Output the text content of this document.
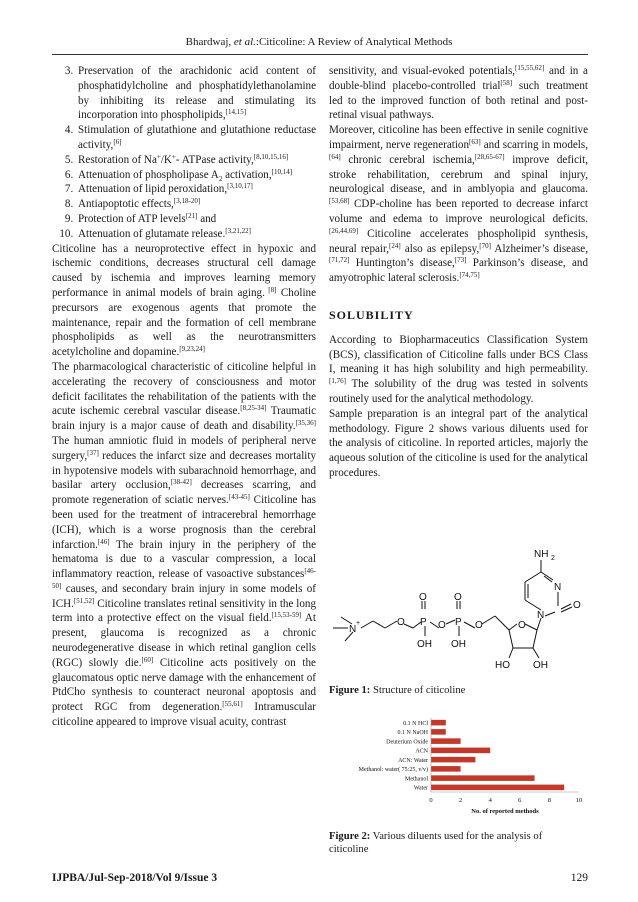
Bhardwaj, et al.:Citicoline: A Review of Analytical Methods
3. Preservation of the arachidonic acid content of phosphatidylcholine and phosphatidylethanolamine by inhibiting its release and stimulating its incorporation into phospholipids,[14,15]
4. Stimulation of glutathione and glutathione reductase activity,[6]
5. Restoration of Na+/K+- ATPase activity,[8,10,15,16]
6. Attenuation of phospholipase $A_2$ activation,[10,14]
7. Attenuation of lipid peroxidation,[3,10,17]
8. Antiapoptotic effects,[3,18-20]
9. Protection of ATP levels[21] and
10. Attenuation of glutamate release.[3,21,22]

Citicoline has a neuroprotective effect in hypoxic and ischemic conditions, decreases structural cell damage caused by ischemia and improves learning memory performance in animal models of brain aging. [8] Choline precursors are exogenous agents that promote the maintenance, repair and the formation of cell membrane phospholipids as well as the neurotransmitters acetylcholine and dopamine.[9,23,24]

The pharmacological characteristic of citicoline helpful in accelerating the recovery of consciousness and motor deficit facilitates the rehabilitation of the patients with the acute ischemic cerebral vascular disease.[8,25-34] Traumatic brain injury is a major cause of death and disability.[35,36] The human amniotic fluid in models of peripheral nerve surgery,[37] reduces the infarct size and decreases mortality in hypotensive models with subarachnoid hemorrhage, and basilar artery occlusion,[38-42] decreases scarring, and promote regeneration of sciatic nerves.[43-45] Citicoline has been used for the treatment of intracerebral hemorrhage (ICH), which is a worse prognosis than the cerebral infarction.[46] The brain injury in the periphery of the hematoma is due to a vascular compression, a local inflammatory reaction, release of vasoactive substances[46-50] causes, and secondary brain injury in some models of ICH.[51,52] Citicoline translates retinal sensitivity in the long term into a protective effect on the visual field.[15,53-59] At present, glaucoma is recognized as a chronic neurodegenerative disease in which retinal ganglion cells (RGC) slowly die.[60] Citicoline acts positively on the glaucomatous optic nerve damage with the enhancement of PtdCho synthesis to counteract neuronal apoptosis and protect RGC from degeneration.[55,61] Intramuscular citicoline appeared to improve visual acuity, contrast

sensitivity, and visual-evoked potentials,[15,55,62] and in a double-blind placebo-controlled trial[58] such treatment led to the improved function of both retinal and post-retinal visual pathways.

Moreover, citicoline has been effective in senile cognitive impairment, nerve regeneration[63] and scarring in models,[64] chronic cerebral ischemia,[28,65-67] improve deficit, stroke rehabilitation, cerebrum and spinal injury, neurological disease, and in amblyopia and glaucoma.[53,68] CDP-choline has been reported to decrease infarct volume and edema to improve neurological deficits.[26,44,69] Citicoline accelerates phospholipid synthesis, neural repair,[24] also as epilepsy,[70] Alzheimer’s disease,[71,72] Huntington’s disease,[73] Parkinson’s disease, and amyotrophic lateral sclerosis.[74,75]

SOLUBILITY

According to Biopharmaceutics Classification System (BCS), classification of Citicoline falls under BCS Class I, meaning it has high solubility and high permeability.[1,76] The solubility of the drug was tested in solvents routinely used for the analytical methodology.

Sample preparation is an integral part of the analytical methodology. Figure 2 shows various diluents used for the analysis of citicoline. In reported articles, majorly the aqueous solution of the citicoline is used for the analytical procedures.

NH 2
N
N
O
N
+	O P
O
OH
O P
O
OH
O	O
HO OH
Figure 1: Structure of citicoline
0.1 N HCl
0.1 N NaOH
Deuterium Oxide
ACN
ACN: Water
Methanol: water( 75:25, v/v)
Methanol
Water
0	2	4	6	8	10
No. of reported methods
Figure 2: Various diluents used for the analysis of citicoline
IJPBA/Jul-Sep-2018/Vol 9/Issue 3	129
